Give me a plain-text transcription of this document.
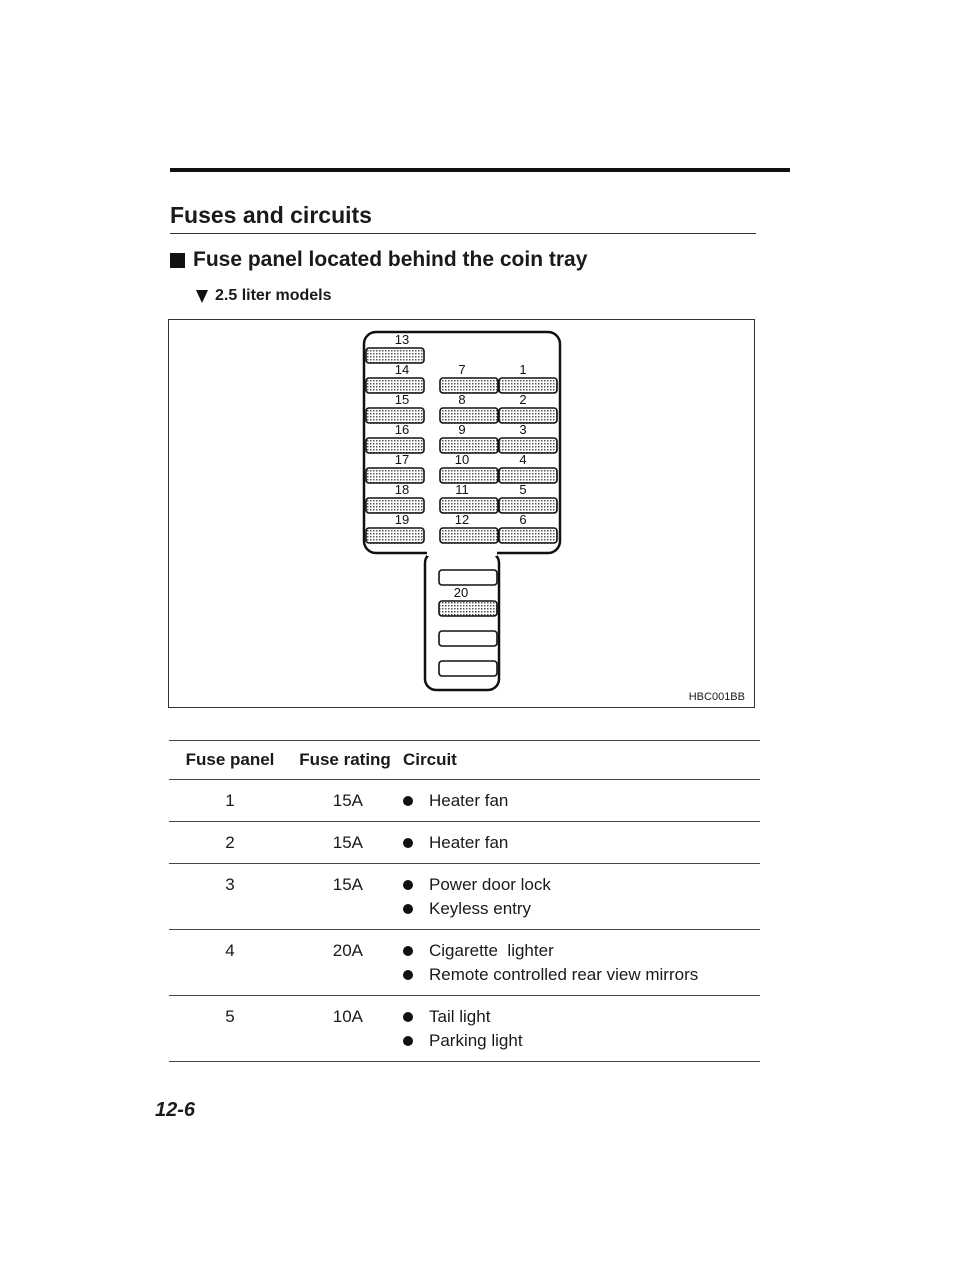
Fuses and circuits
Fuse panel located behind the coin tray
2.5 liter models
13
14
15
16
17
18
19
7
8
9
10
11
12
1
2
3
4
5
6
20
HBC001BB
Fuse panel	Fuse rating	Circuit
1	15A	Heater fan

2	15A	Heater fan

3	15A	Power door lock
Keyless entry

4	20A	Cigarette  lighter
Remote controlled rear view mirrors

5	10A	Tail light
Parking light
12-6
